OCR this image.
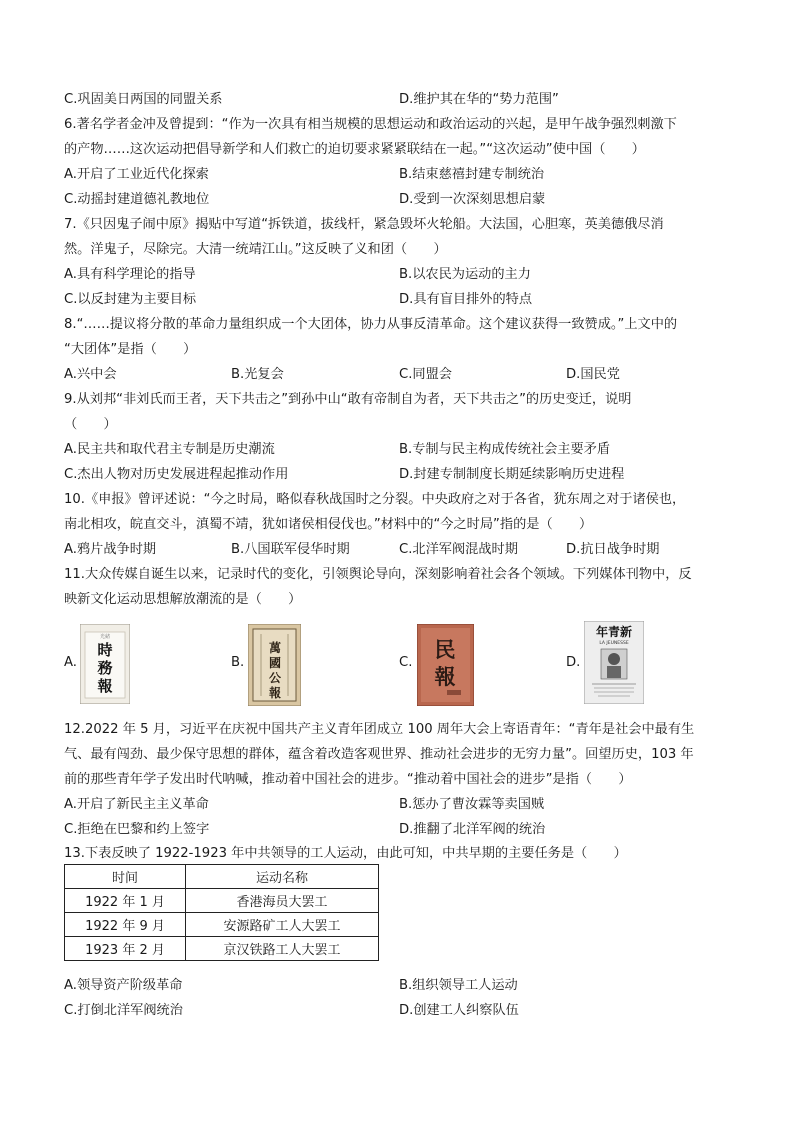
C.巩固美日两国的同盟关系	D.维护其在华的“势力范围”
6.著名学者金冲及曾提到：“作为一次具有相当规模的思想运动和政治运动的兴起，是甲午战争强烈刺激下
的产物……这次运动把倡导新学和人们救亡的迫切要求紧紧联结在一起。”“这次运动”使中国（　　）
A.开启了工业近代化探索	B.结束慈禧封建专制统治
C.动摇封建道德礼教地位	D.受到一次深刻思想启蒙
7.《只因鬼子闹中原》揭贴中写道“拆铁道，拔线杆，紧急毁坏火轮船。大法国，心胆寒，英美德俄尽消
然。洋鬼子，尽除完。大清一统靖江山。”这反映了义和团（　　）
A.具有科学理论的指导	B.以农民为运动的主力
C.以反封建为主要目标	D.具有盲目排外的特点
8.“……提议将分散的革命力量组织成一个大团体，协力从事反清革命。这个建议获得一致赞成。”上文中的
“大团体”是指（　　）
A.兴中会	B.光复会	C.同盟会	D.国民党
9.从刘邦“非刘氏而王者，天下共击之”到孙中山“敢有帝制自为者，天下共击之”的历史变迁，说明
（　　）
A.民主共和取代君主专制是历史潮流	B.专制与民主构成传统社会主要矛盾
C.杰出人物对历史发展进程起推动作用	D.封建专制制度长期延续影响历史进程
10.《申报》曾评述说：“今之时局，略似春秋战国时之分裂。中央政府之对于各省，犹东周之对于诸侯也，
南北相攻，皖直交斗，滇蜀不靖，犹如诸侯相侵伐也。”材料中的“今之时局”指的是（　　）
A.鸦片战争时期	B.八国联军侵华时期	C.北洋军阀混战时期	D.抗日战争时期
11.大众传媒自诞生以来，记录时代的变化，引领舆论导向，深刻影响着社会各个领域。下列媒体刊物中，反
映新文化运动思想解放潮流的是（　　）
A.
光緒
時
務
報
B.
萬
國
公
報
C.
民
報
D.
年青新
LA JEUNESSE
12.2022 年 5 月，习近平在庆祝中国共产主义青年团成立 100 周年大会上寄语青年：“青年是社会中最有生
气、最有闯劲、最少保守思想的群体，蕴含着改造客观世界、推动社会进步的无穷力量”。回望历史，103 年
前的那些青年学子发出时代呐喊，推动着中国社会的进步。“推动着中国社会的进步”是指（　　）
A.开启了新民主主义革命	B.惩办了曹汝霖等卖国贼
C.拒绝在巴黎和约上签字	D.推翻了北洋军阀的统治
13.下表反映了 1922-1923 年中共领导的工人运动，由此可知，中共早期的主要任务是（　　）
时间	运动名称
1922 年 1 月	香港海员大罢工
1922 年 9 月	安源路矿工人大罢工
1923 年 2 月	京汉铁路工人大罢工
A.领导资产阶级革命	B.组织领导工人运动
C.打倒北洋军阀统治	D.创建工人纠察队伍
